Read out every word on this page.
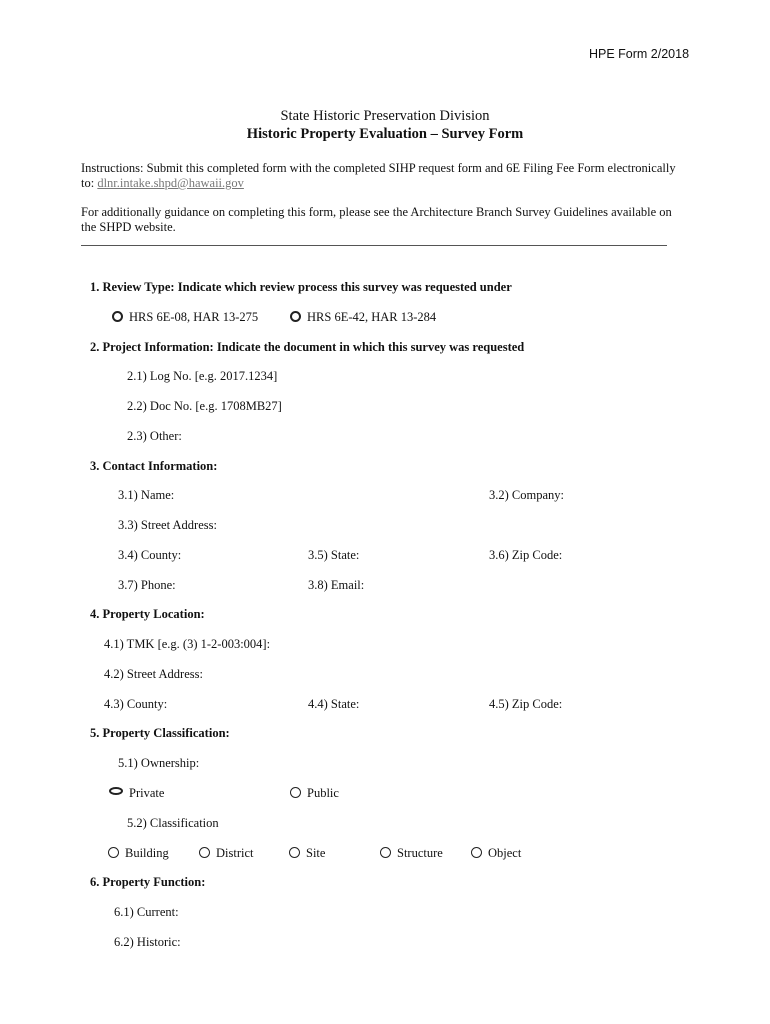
HPE Form 2/2018
State Historic Preservation Division
Historic Property Evaluation – Survey Form
Instructions: Submit this completed form with the completed SIHP request form and 6E Filing Fee Form electronically
to: dlnr.intake.shpd@hawaii.gov
For additionally guidance on completing this form, please see the Architecture Branch Survey Guidelines available on
the SHPD website.
1. Review Type: Indicate which review process this survey was requested under
HRS 6E-08, HAR 13-275	HRS 6E-42, HAR 13-284
2. Project Information: Indicate the document in which this survey was requested
2.1) Log No. [e.g. 2017.1234]
2.2) Doc No. [e.g. 1708MB27]
2.3) Other:
3. Contact Information:
3.1) Name:	3.2) Company:
3.3) Street Address:
3.4) County:	3.5) State:	3.6) Zip Code:
3.7) Phone:	3.8) Email:
4. Property Location:
4.1) TMK [e.g. (3) 1-2-003:004]:
4.2) Street Address:
4.3) County:	4.4) State:	4.5) Zip Code:
5. Property Classification:
5.1) Ownership:
Private	Public
5.2) Classification
Building	District	Site	Structure	Object
6. Property Function:
6.1) Current:
6.2) Historic:
